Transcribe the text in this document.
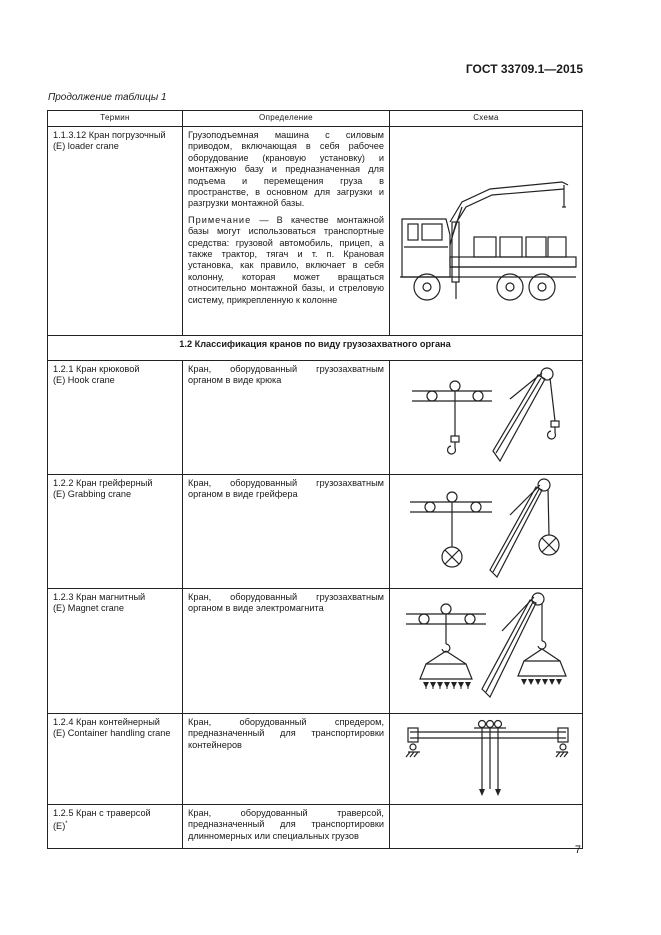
ГОСТ 33709.1—2015
Продолжение таблицы 1
Термин	Определение	Схема
1.1.3.12 Кран погрузочный (E) loader crane	Грузоподъемная машина с силовым приводом, включающая в себя рабочее оборудование (крановую установку) и монтажную базу и предназначенная для подъема и перемещения груза в пространстве, в основном для загрузки и разгрузки монтажной базы.
Примечание — В качестве монтажной базы могут использоваться транспортные средства: грузовой автомобиль, прицеп, а также трактор, тягач и т. п. Крановая установка, как правило, включает в себя колонну, которая может вращаться относительно монтажной базы, и стреловую систему, прикрепленную к колонне

1.2 Классификация кранов по виду грузозахватного органа		

1.2.1 Кран крюковой
(E) Hook crane	Кран, оборудованный грузозахватным органом в виде крюка	

1.2.2 Кран грейферный
(E) Grabbing crane	Кран, оборудованный грузозахватным органом в виде грейфера	

1.2.3 Кран магнитный
(E) Magnet crane	Кран, оборудованный грузозахватным органом в виде электромагнита	

1.2.4 Кран контейнерный
(E) Container handling crane	Кран, оборудованный спредером, предназначенный для транспортировки контейнеров	

1.2.5 Кран с траверсой
(E)*	Кран, оборудованный траверсой, предназначенный для транспортировки длинномерных или специальных грузов	
7
